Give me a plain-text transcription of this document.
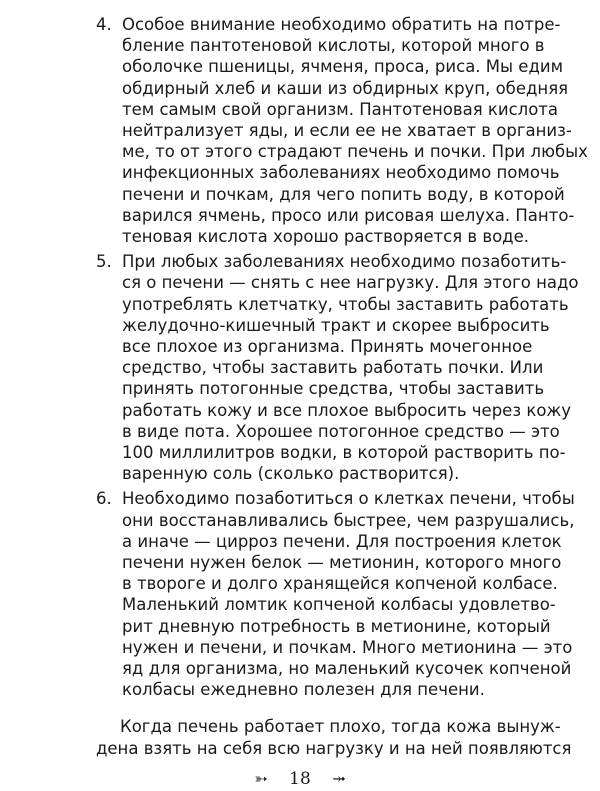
4. Особое внимание необходимо обратить на потре-
бление пантотеновой кислоты, которой много в
оболочке пшеницы, ячменя, проса, риса. Мы едим
обдирный хлеб и каши из обдирных круп, обедняя
тем самым свой организм. Пантотеновая кислота
нейтрализует яды, и если ее не хватает в организ-
ме, то от этого страдают печень и почки. При любых
инфекционных заболеваниях необходимо помочь
печени и почкам, для чего попить воду, в которой
варился ячмень, просо или рисовая шелуха. Панто-
теновая кислота хорошо растворяется в воде.
5. При любых заболеваниях необходимо позаботить-
ся о печени — снять с нее нагрузку. Для этого надо
употреблять клетчатку, чтобы заставить работать
желудочно-кишечный тракт и скорее выбросить
все плохое из организма. Принять мочегонное
средство, чтобы заставить работать почки. Или
принять потогонные средства, чтобы заставить
работать кожу и все плохое выбросить через кожу
в виде пота. Хорошее потогонное средство — это
100 миллилитров водки, в которой растворить по-
варенную соль (сколько растворится).
6. Необходимо позаботиться о клетках печени, чтобы
они восстанавливались быстрее, чем разрушались,
а иначе — цирроз печени. Для построения клеток
печени нужен белок — метионин, которого много
в твороге и долго хранящейся копченой колбасе.
Маленький ломтик копченой колбасы удовлетво-
рит дневную потребность в метионине, который
нужен и печени, и почкам. Много метионина — это
яд для организма, но маленький кусочек копченой
колбасы ежедневно полезен для печени.
Когда печень работает плохо, тогда кожа вынуж-
дена взять на себя всю нагрузку и на ней появляются
➳ 18 ⤞
